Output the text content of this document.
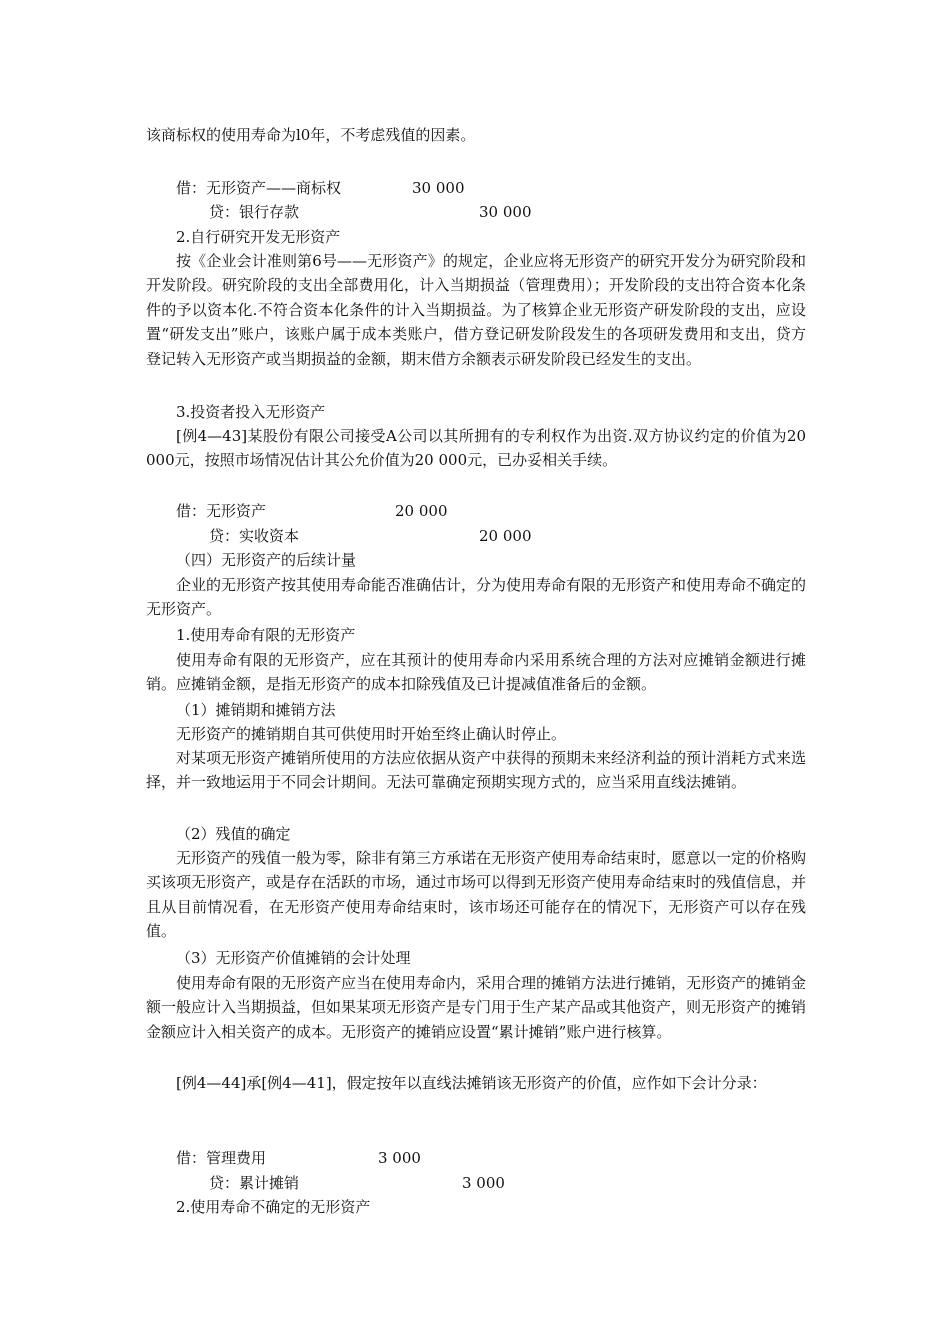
该商标权的使用寿命为l0年，不考虑残值的因素。

借：无形资产——商标权	30 000

贷：银行存款	30 000

2.自行研究开发无形资产

按《企业会计准则第6号——无形资产》的规定，企业应将无形资产的研究开发分为研究阶段和开发阶段。研究阶段的支出全部费用化，计入当期损益（管理费用）；开发阶段的支出符合资本化条件的予以资本化.不符合资本化条件的计入当期损益。为了核算企业无形资产研发阶段的支出，应设置“研发支出”账户，该账户属于成本类账户，借方登记研发阶段发生的各项研发费用和支出，贷方登记转入无形资产或当期损益的金额，期末借方余额表示研发阶段已经发生的支出。

3.投资者投入无形资产

[例4—43]某股份有限公司接受A公司以其所拥有的专利权作为出资.双方协议约定的价值为20 000元，按照市场情况估计其公允价值为20 000元，已办妥相关手续。

借：无形资产	20 000

贷：实收资本	20 000

（四）无形资产的后续计量

企业的无形资产按其使用寿命能否准确估计，分为使用寿命有限的无形资产和使用寿命不确定的无形资产。

1.使用寿命有限的无形资产

使用寿命有限的无形资产，应在其预计的使用寿命内采用系统合理的方法对应摊销金额进行摊销。应摊销金额，是指无形资产的成本扣除残值及已计提减值准备后的金额。

（1）摊销期和摊销方法

无形资产的摊销期自其可供使用时开始至终止确认时停止。

对某项无形资产摊销所使用的方法应依据从资产中获得的预期未来经济利益的预计消耗方式来选择，并一致地运用于不同会计期间。无法可靠确定预期实现方式的，应当采用直线法摊销。

（2）残值的确定

无形资产的残值一般为零，除非有第三方承诺在无形资产使用寿命结束时，愿意以一定的价格购买该项无形资产，或是存在活跃的市场，通过市场可以得到无形资产使用寿命结束时的残值信息，并且从目前情况看，在无形资产使用寿命结束时，该市场还可能存在的情况下，无形资产可以存在残值。

（3）无形资产价值摊销的会计处理

使用寿命有限的无形资产应当在使用寿命内，采用合理的摊销方法进行摊销，无形资产的摊销金额一般应计入当期损益，但如果某项无形资产是专门用于生产某产品或其他资产，则无形资产的摊销金额应计入相关资产的成本。无形资产的摊销应设置“累计摊销”账户进行核算。

[例4—44]承[例4—41]，假定按年以直线法摊销该无形资产的价值，应作如下会计分录：

借：管理费用	3 000

贷：累计摊销	3 000

2.使用寿命不确定的无形资产
